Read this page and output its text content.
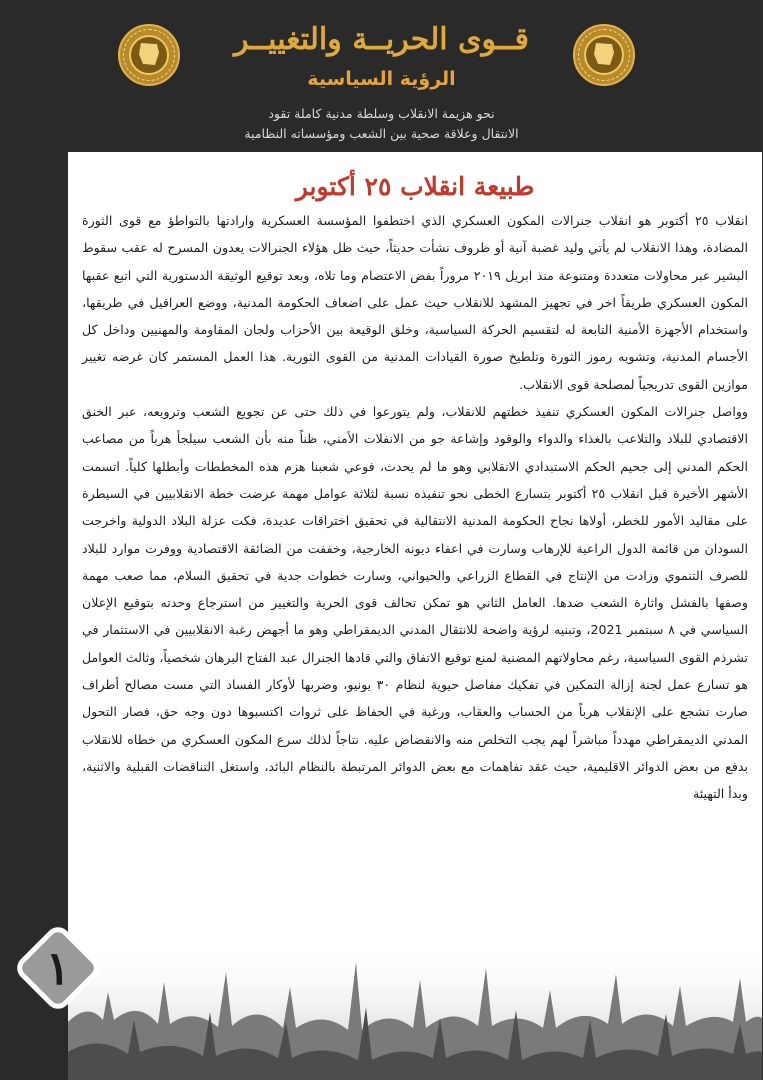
قــوى الحريــة والتغييــر
الرؤية السياسية
نحو هزيمة الانقلاب وسلطة مدنية كاملة تقود
الانتقال وعلاقة صحية بين الشعب ومؤسساته النظامية
طبيعة انقلاب ٢٥ أكتوبر

انقلاب ٢٥ أكتوبر هو انقلاب جنرالات المكون العسكري الذي اختطفوا المؤسسة العسكرية وارادتها بالتواطؤ مع قوى الثورة المضادة، وهذا الانقلاب لم يأتي وليد غضبة آنية أو ظروف نشأت حديثاً، حيث ظل هؤلاء الجنرالات يعدون المسرح له عقب سقوط البشير عبر محاولات متعددة ومتنوعة منذ ابريل ٢٠١٩ مروراً بفض الاعتصام وما تلاه، وبعد توقيع الوثيقة الدستورية التي اتبع عقبها المكون العسكري طريقاً اخر في تجهيز المشهد للانقلاب حيث عمل على اضعاف الحكومة المدنية، ووضع العراقيل في طريقها، واستخدام الأجهزة الأمنية التابعة له لتقسيم الحركة السياسية، وخلق الوقيعة بين الأحزاب ولجان المقاومة والمهنيين وداخل كل الأجسام المدنية، وتشويه رموز الثورة وتلطيخ صورة القيادات المدنية من القوى الثورية. هذا العمل المستمر كان غرضه تغيير موازين القوى تدريجياً لمصلحة قوى الانقلاب.

وواصل جنرالات المكون العسكري تنفيذ خطتهم للانقلاب، ولم يتورعوا في ذلك حتى عن تجويع الشعب وترويعه، عبر الخنق الاقتصادي للبلاد والتلاعب بالغذاء والدواء والوقود وإشاعة جو من الانفلات الأمني، ظناً منه بأن الشعب سيلجأ هرباً من مصاعب الحكم المدني إلى جحيم الحكم الاستبدادي الانقلابي وهو ما لم يحدث، فوعي شعبنا هزم هذه المخططات وأبطلها كلياً. اتسمت الأشهر الأخيرة قبل انقلاب ٢٥ أكتوبر بتسارع الخطى نحو تنفيذه نسبة لثلاثة عوامل مهمة عرضت خطة الانقلابيين في السيطرة على مقاليد الأمور للخطر، أولاها نجاح الحكومة المدنية الانتقالية في تحقيق اختراقات عديدة، فكت عزلة البلاد الدولية واخرجت السودان من قائمة الدول الراعية للإرهاب وسارت في اعفاء ديونه الخارجية، وخففت من الضائقة الاقتصادية ووفرت موارد للبلاد للصرف التنموي وزادت من الإنتاج في القطاع الزراعي والحيواني، وسارت خطوات جدية في تحقيق السلام، مما صعب مهمة وصفها بالفشل واثارة الشعب ضدها. العامل الثاني هو تمكن تحالف قوى الحرية والتغيير من استرجاع وحدته بتوقيع الإعلان السياسي في ٨ سبتمبر 2021، وتبنيه لرؤية واضحة للانتقال المدني الديمقراطي وهو ما أجهض رغبة الانقلابيين في الاستثمار في تشرذم القوى السياسية، رغم محاولاتهم المضنية لمنع توقيع الاتفاق والتي قادها الجنرال عبد الفتاح البرهان شخصياً، وثالث العوامل هو تسارع عمل لجنة إزالة التمكين في تفكيك مفاصل حيوية لنظام ٣٠ يونيو، وضربها لأوكار الفساد التي مست مصالح أطراف صارت تشجع على الإنقلاب هرباً من الحساب والعقاب، ورغبة في الحفاظ على ثروات اكتسبوها دون وجه حق، فصار التحول المدني الديمقراطي مهدداً مباشراً لهم يجب التخلص منه والانقضاض عليه. نتاجاً لذلك سرع المكون العسكري من خطاه للانقلاب بدفع من بعض الدوائر الاقليمية، حيث عقد تفاهمات مع بعض الدوائر المرتبطة بالنظام البائد، واستغل التناقضات القبلية والاثنية، وبدأ التهيئة

١
